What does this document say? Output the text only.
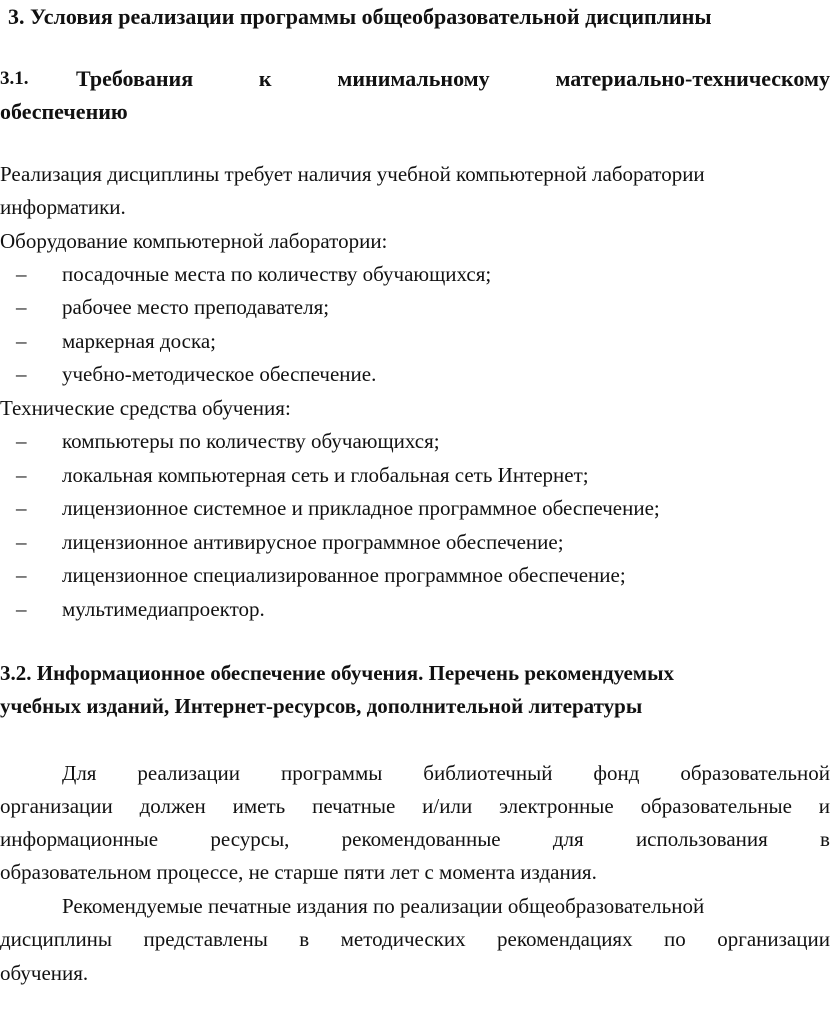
3. Условия реализации программы общеобразовательной дисциплины
3.1. Требования	к	минимальному	материально-техническому
обеспечению
Реализация дисциплины требует наличия учебной компьютерной лаборатории
информатики.
Оборудование компьютерной лаборатории:
– посадочные места по количеству обучающихся;
– рабочее место преподавателя;
– маркерная доска;
– учебно-методическое обеспечение.
Технические средства обучения:
– компьютеры по количеству обучающихся;
– локальная компьютерная сеть и глобальная сеть Интернет;
– лицензионное системное и прикладное программное обеспечение;
– лицензионное антивирусное программное обеспечение;
– лицензионное специализированное программное обеспечение;
– мультимедиапроектор.
3.2. Информационное обеспечение обучения. Перечень рекомендуемых
учебных изданий, Интернет-ресурсов, дополнительной литературы
Для реализации программы библиотечный фонд образовательной
организации должен иметь печатные и/или электронные образовательные и
информационные ресурсы, рекомендованные для использования в
образовательном процессе, не старше пяти лет с момента издания.
Рекомендуемые печатные издания по реализации общеобразовательной
дисциплины представлены в методических рекомендациях по организации
обучения.
